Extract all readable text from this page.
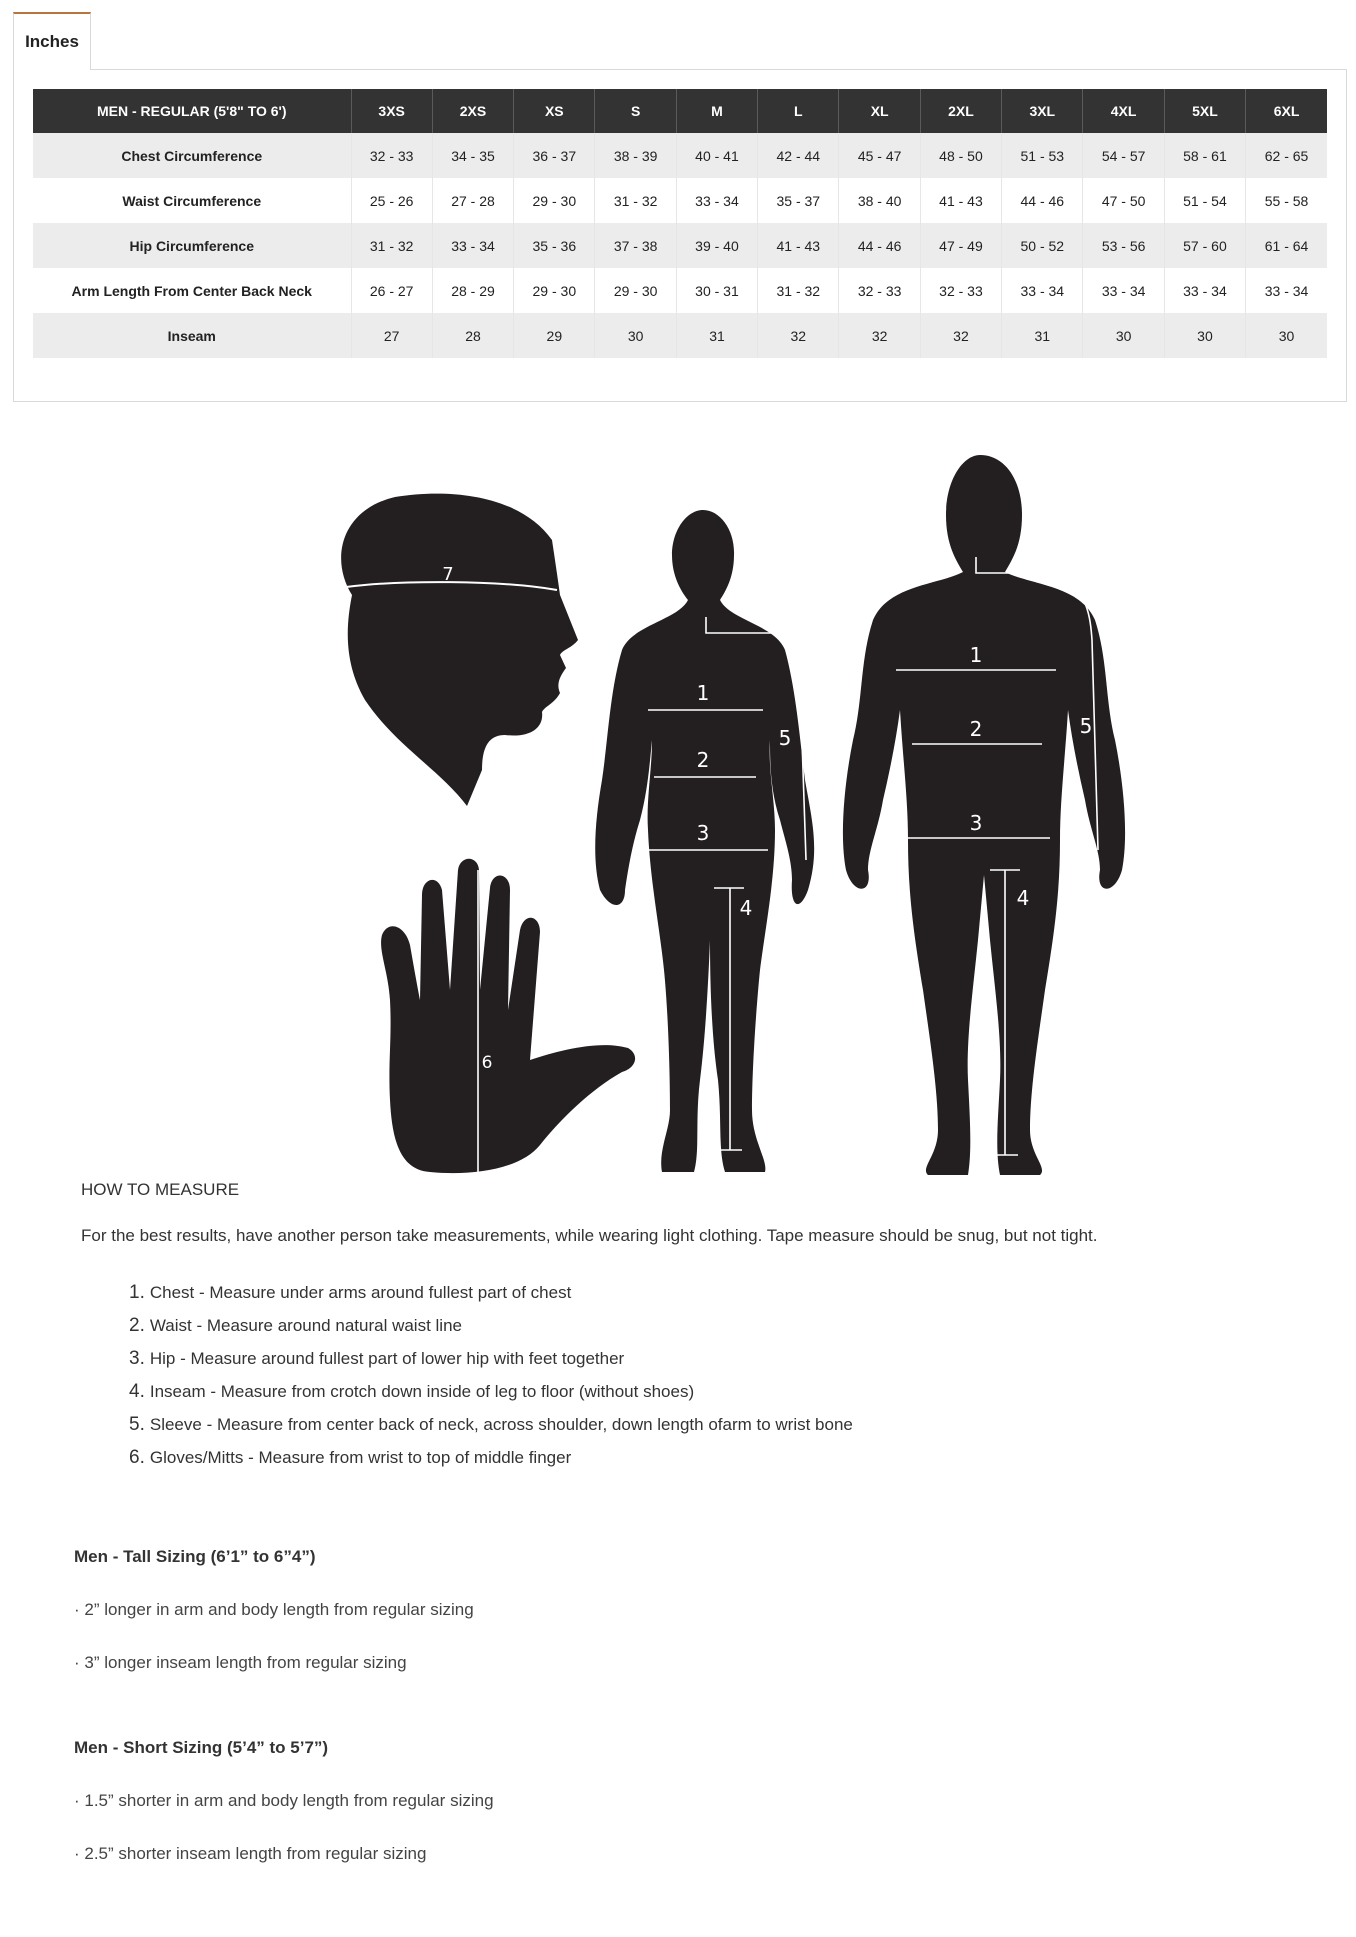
Inches
MEN - REGULAR (5'8" TO 6')	3XS	2XS	XS	S	M	L	XL	2XL	3XL	4XL	5XL	6XL
Chest Circumference	32 - 33	34 - 35	36 - 37	38 - 39	40 - 41	42 - 44	45 - 47	48 - 50	51 - 53	54 - 57	58 - 61	62 - 65
Waist Circumference	25 - 26	27 - 28	29 - 30	31 - 32	33 - 34	35 - 37	38 - 40	41 - 43	44 - 46	47 - 50	51 - 54	55 - 58
Hip Circumference	31 - 32	33 - 34	35 - 36	37 - 38	39 - 40	41 - 43	44 - 46	47 - 49	50 - 52	53 - 56	57 - 60	61 - 64
Arm Length From Center Back Neck	26 - 27	28 - 29	29 - 30	29 - 30	30 - 31	31 - 32	32 - 33	32 - 33	33 - 34	33 - 34	33 - 34	33 - 34
Inseam	27	28	29	30	31	32	32	32	31	30	30	30
7
6
1
2
3
4
5
1
2
3
4
5
HOW TO MEASURE
For the best results, have another person take measurements, while wearing light clothing. Tape measure should be snug, but not tight.
1. Chest - Measure under arms around fullest part of chest
2. Waist - Measure around natural waist line
3. Hip - Measure around fullest part of lower hip with feet together
4. Inseam - Measure from crotch down inside of leg to floor (without shoes)
5. Sleeve - Measure from center back of neck, across shoulder, down length ofarm to wrist bone
6. Gloves/Mitts - Measure from wrist to top of middle finger
Men - Tall Sizing (6’1” to 6”4”)
· 2” longer in arm and body length from regular sizing
· 3” longer inseam length from regular sizing
Men - Short Sizing (5’4” to 5’7”)
· 1.5” shorter in arm and body length from regular sizing
· 2.5” shorter inseam length from regular sizing
